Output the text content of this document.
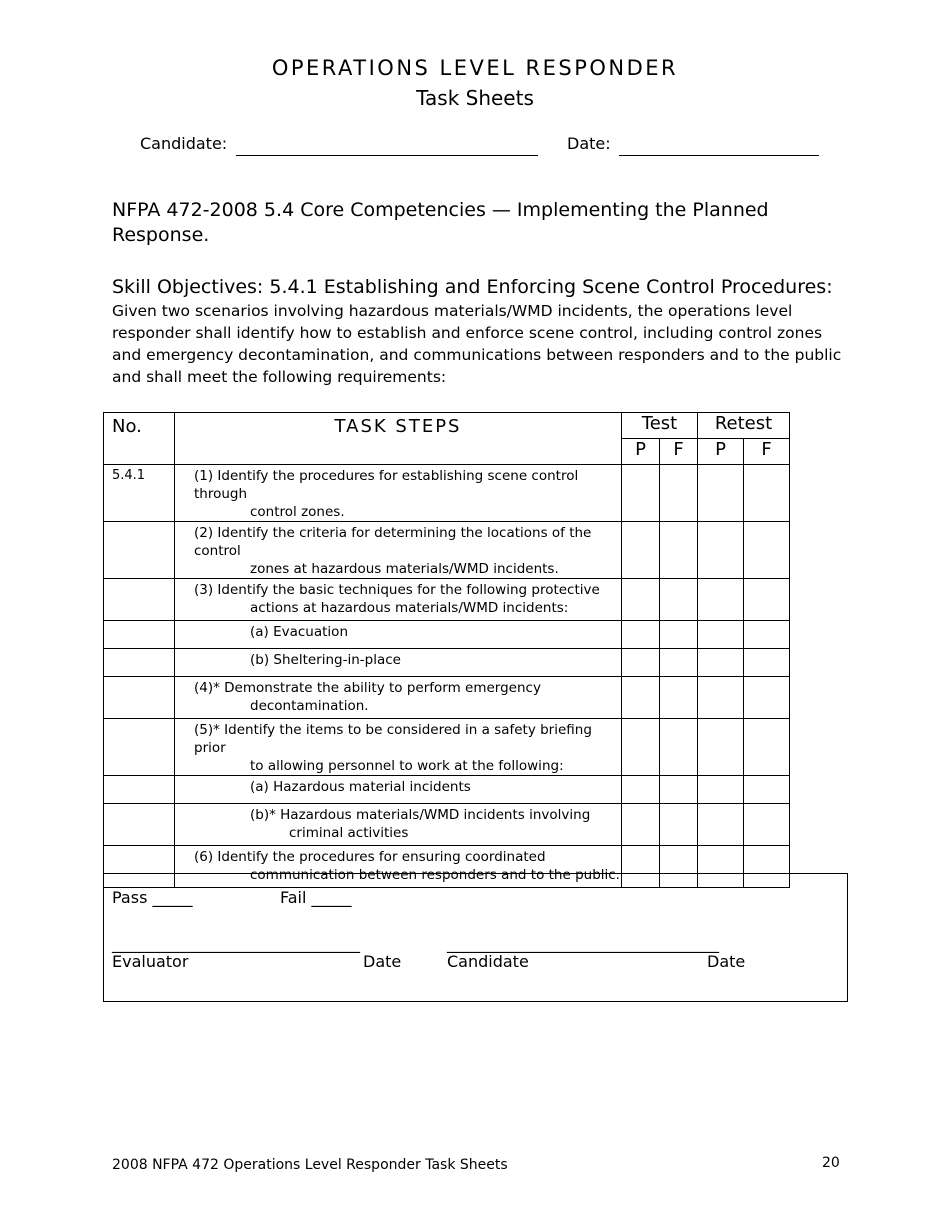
OPERATIONS LEVEL RESPONDER
Task Sheets
Candidate:	Date:
NFPA 472-2008 5.4 Core Competencies — Implementing the Planned Response.
Skill Objectives: 5.4.1 Establishing and Enforcing Scene Control Procedures:
Given two scenarios involving hazardous materials/WMD incidents, the operations level responder shall identify how to establish and enforce scene control, including control zones and emergency decontamination, and communications between responders and to the public and shall meet the following requirements:
No.	TASK STEPS	Test		Retest	
		P	F	P	F
5.4.1	(1) Identify the procedures for establishing scene control through
control zones.				

	(2) Identify the criteria for determining the locations of the control
zones at hazardous materials/WMD incidents.				

	(3) Identify the basic techniques for the following protective
actions at hazardous materials/WMD incidents:				

	(a) Evacuation				

	(b) Sheltering-in-place				

	(4)* Demonstrate the ability to perform emergency
decontamination.				

	(5)* Identify the items to be considered in a safety briefing prior
to allowing personnel to work at the following:				

	(a) Hazardous material incidents				

	(b)* Hazardous materials/WMD incidents involving
criminal activities				

	(6) Identify the procedures for ensuring coordinated
communication between responders and to the public.				

Pass _____	Fail _____
_______________________________	__________________________________
Evaluator	Date	Candidate	Date
2008 NFPA 472 Operations Level Responder Task Sheets	20
